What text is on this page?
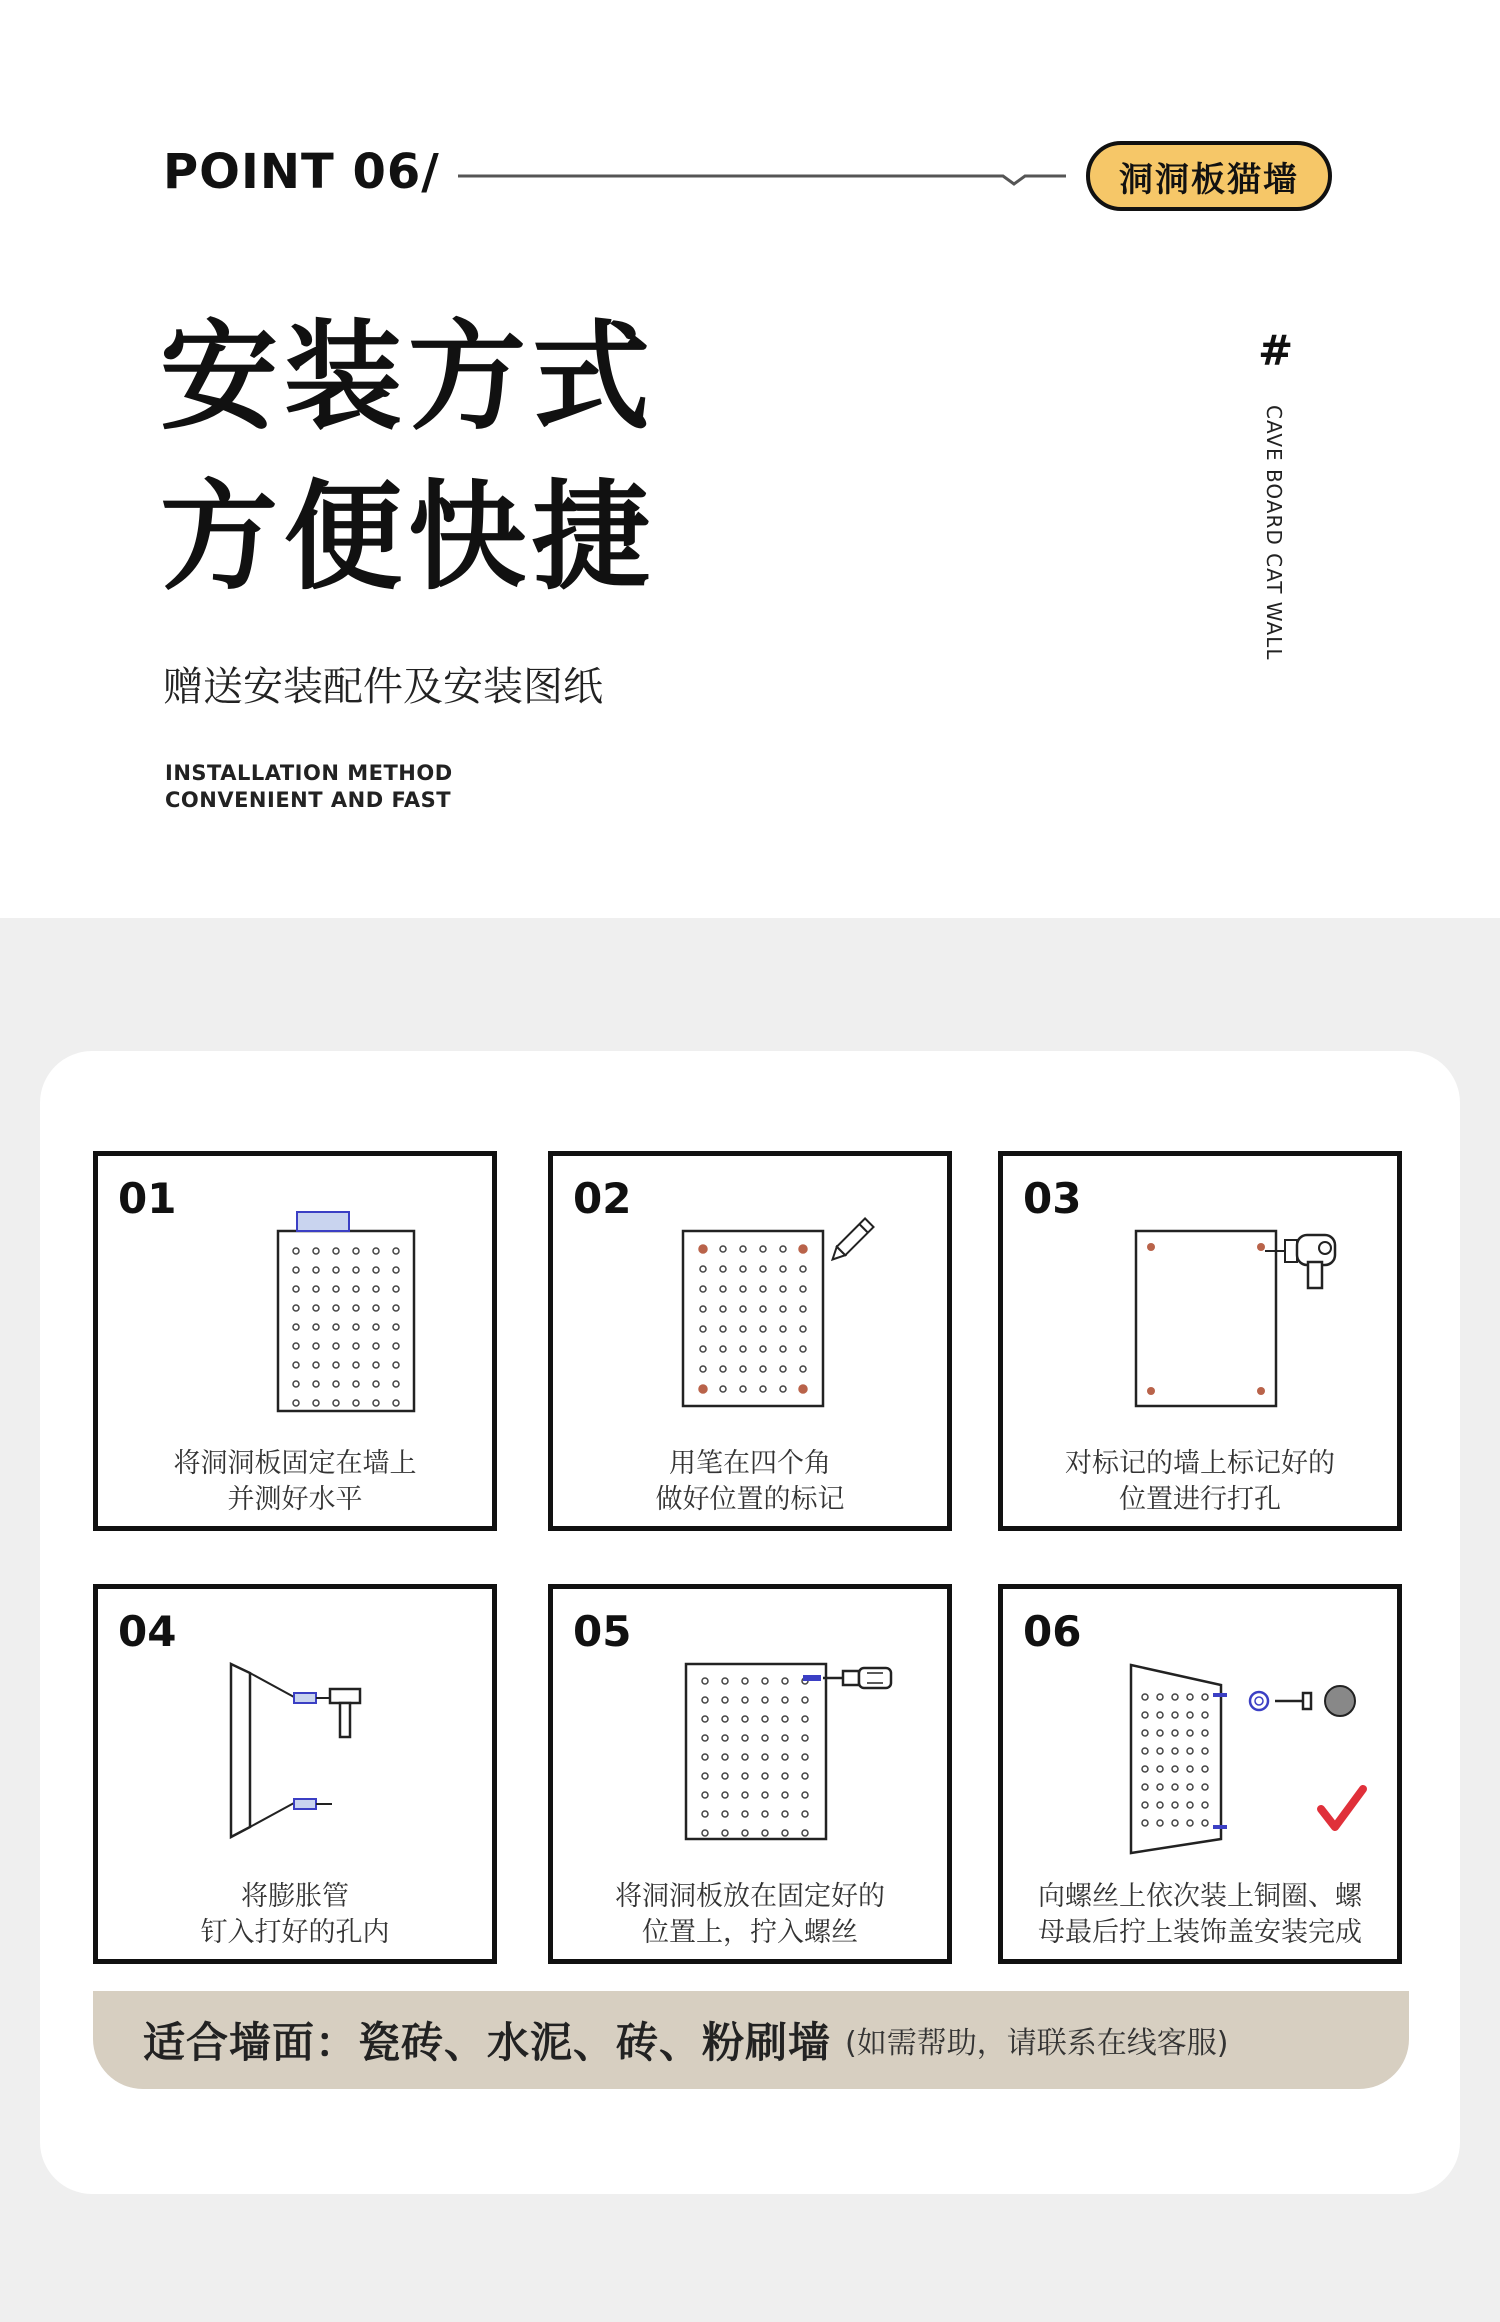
POINT 06/	洞洞板猫墙
安装方式
方便快捷
#
CAVE BOARD CAT WALL
赠送安装配件及安装图纸
INSTALLATION METHOD
CONVENIENT AND FAST
01
将洞洞板固定在墙上
并测好水平
02
用笔在四个角
做好位置的标记
03
对标记的墙上标记好的
位置进行打孔
04
将膨胀管
钉入打好的孔内
05
将洞洞板放在固定好的
位置上，拧入螺丝
06
向螺丝上依次装上铜圈、螺
母最后拧上装饰盖安装完成
适合墙面：瓷砖、水泥、砖、粉刷墙 (如需帮助，请联系在线客服)
